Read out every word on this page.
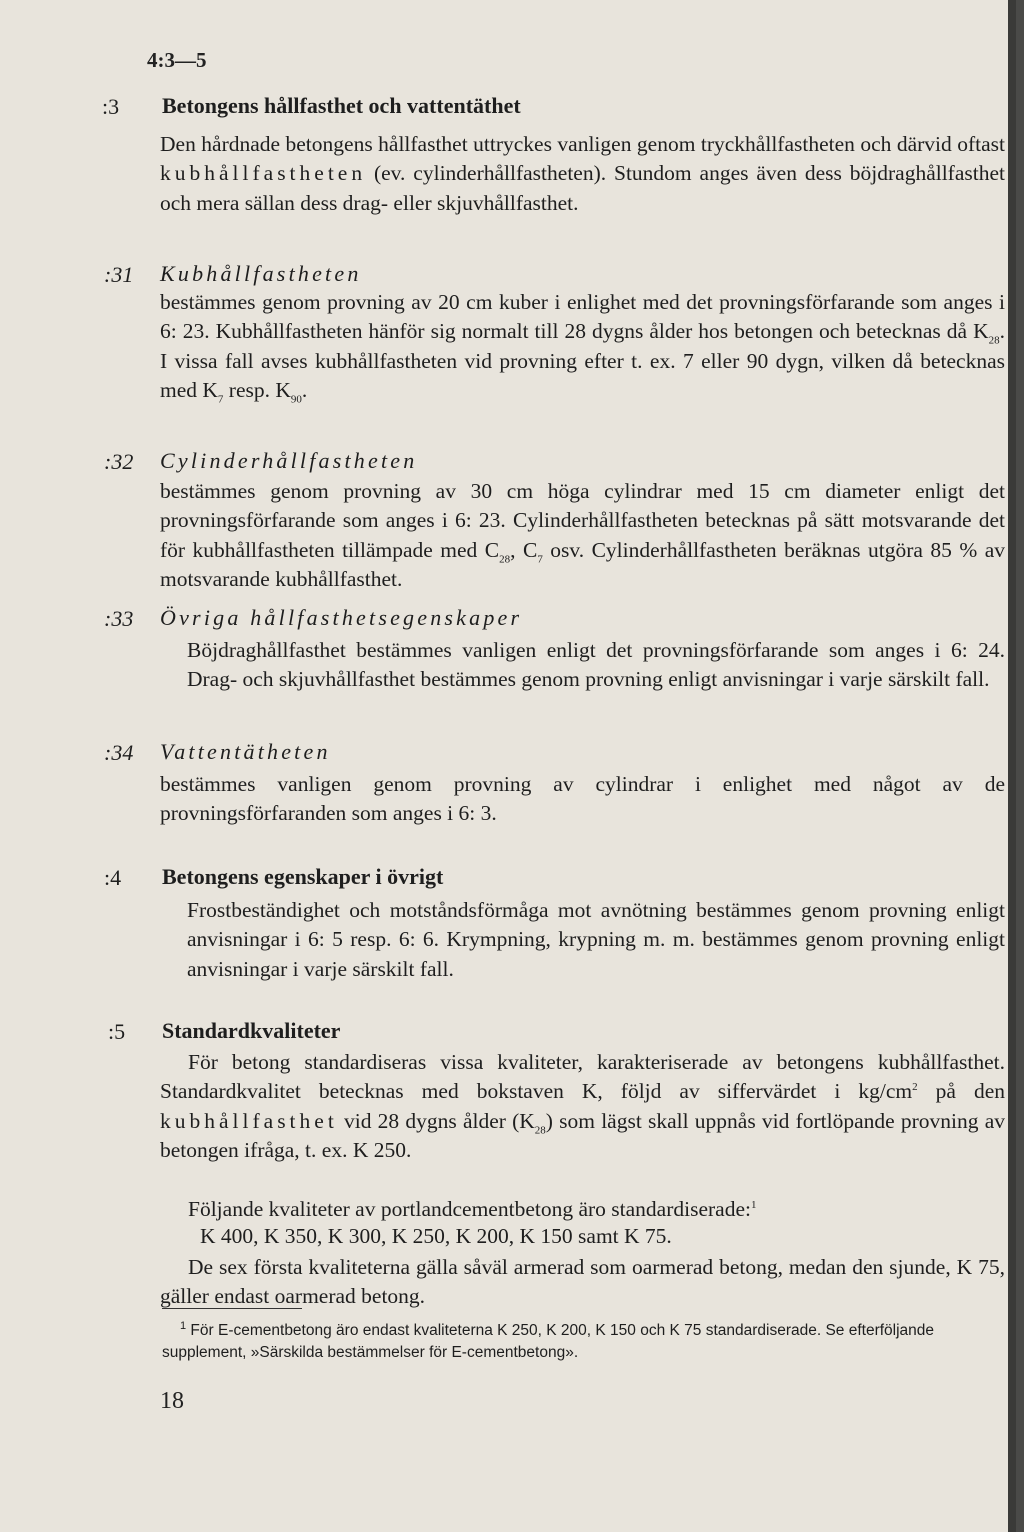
4:3—5
:3 Betongens hållfasthet och vattentäthet
Den hårdnade betongens hållfasthet uttryckes vanligen genom tryckhållfastheten och därvid oftast kubhållfastheten (ev. cylinderhållfastheten). Stundom anges även dess böjdraghållfasthet och mera sällan dess drag- eller skjuvhållfasthet.
:31 Kubhållfastheten
bestämmes genom provning av 20 cm kuber i enlighet med det provningsförfarande som anges i 6: 23. Kubhållfastheten hänför sig normalt till 28 dygns ålder hos betongen och betecknas då $K_{28}$. I vissa fall avses kubhållfastheten vid provning efter t. ex. 7 eller 90 dygn, vilken då betecknas med $K_7$ resp. $K_{90}$.
:32 Cylinderhållfastheten
bestämmes genom provning av 30 cm höga cylindrar med 15 cm diameter enligt det provningsförfarande som anges i 6: 23. Cylinderhållfastheten betecknas på sätt motsvarande det för kubhållfastheten tillämpade med $C_{28}$, $C_7$ osv. Cylinderhållfastheten beräknas utgöra 85 % av motsvarande kubhållfasthet.
:33 Övriga hållfasthetsegenskaper
Böjdraghållfasthet bestämmes vanligen enligt det provningsförfarande som anges i 6: 24. Drag- och skjuvhållfasthet bestämmes genom provning enligt anvisningar i varje särskilt fall.
:34 Vattentätheten
bestämmes vanligen genom provning av cylindrar i enlighet med något av de provningsförfaranden som anges i 6: 3.
:4 Betongens egenskaper i övrigt
Frostbeständighet och motståndsförmåga mot avnötning bestämmes genom provning enligt anvisningar i 6: 5 resp. 6: 6. Krympning, krypning m. m. bestämmes genom provning enligt anvisningar i varje särskilt fall.
:5 Standardkvaliteter
För betong standardiseras vissa kvaliteter, karakteriserade av betongens kubhållfasthet. Standardkvalitet betecknas med bokstaven K, följd av siffervärdet i $kg/cm^2$ på den kubhållfasthet vid 28 dygns ålder $(K_{28})$ som lägst skall uppnås vid fortlöpande provning av betongen ifråga, t. ex. K 250.
Följande kvaliteter av portlandcementbetong äro standardiserade:$^1$
K 400, K 350, K 300, K 250, K 200, K 150 samt K 75.
De sex första kvaliteterna gälla såväl armerad som oarmerad betong, medan den sjunde, K 75, gäller endast oarmerad betong.
$^1$ För E-cementbetong äro endast kvaliteterna K 250, K 200, K 150 och K 75 standardiserade. Se efterföljande supplement, »Särskilda bestämmelser för E-cementbetong».
18
